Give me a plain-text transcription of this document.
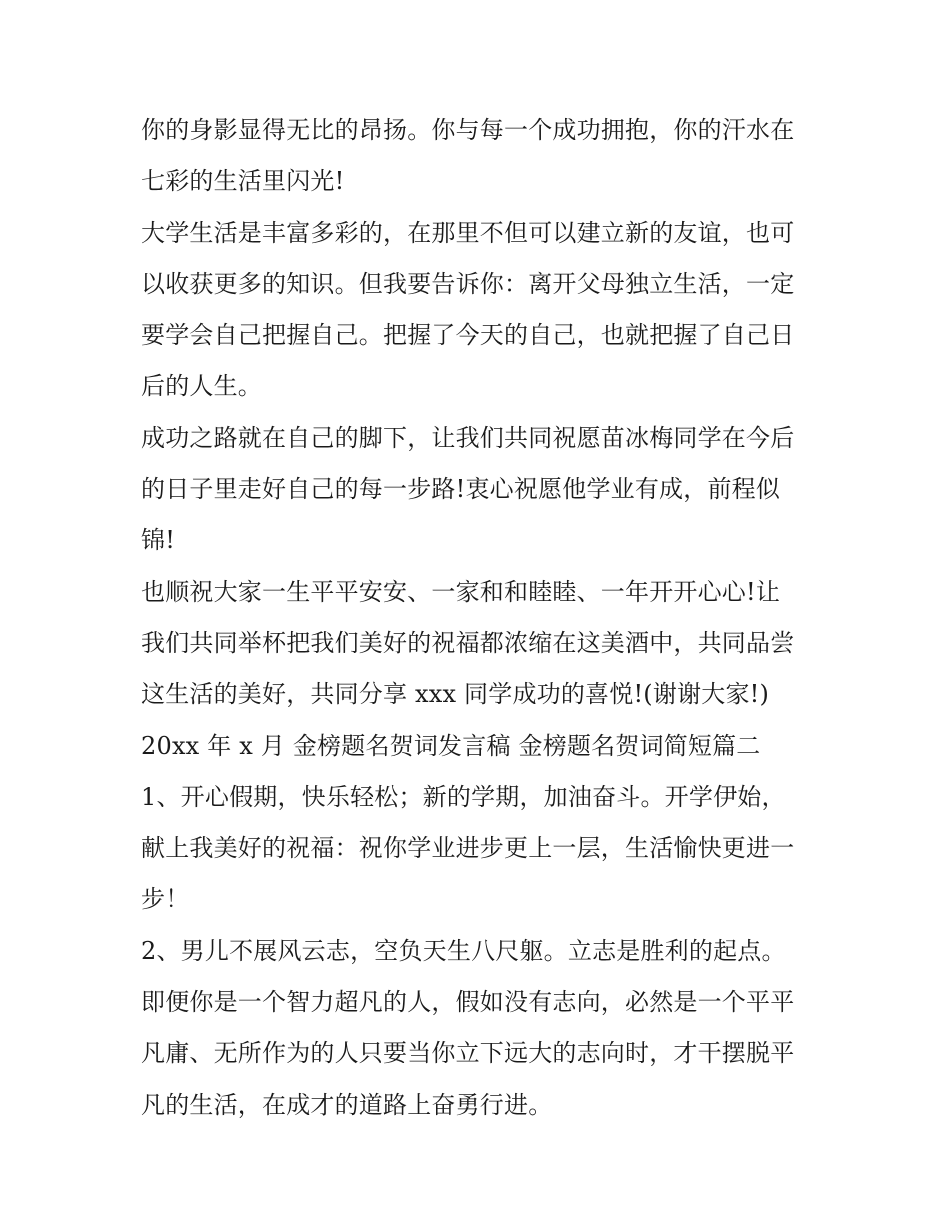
你的身影显得无比的昂扬。你与每一个成功拥抱，你的汗水在
七彩的生活里闪光!
大学生活是丰富多彩的，在那里不但可以建立新的友谊，也可
以收获更多的知识。但我要告诉你：离开父母独立生活，一定
要学会自己把握自己。把握了今天的自己，也就把握了自己日
后的人生。
成功之路就在自己的脚下，让我们共同祝愿苗冰梅同学在今后
的日子里走好自己的每一步路!衷心祝愿他学业有成，前程似
锦!
也顺祝大家一生平平安安、一家和和睦睦、一年开开心心!让
我们共同举杯把我们美好的祝福都浓缩在这美酒中，共同品尝
这生活的美好，共同分享 xxx 同学成功的喜悦!(谢谢大家!)
20xx 年 x 月 金榜题名贺词发言稿 金榜题名贺词简短篇二
1、开心假期，快乐轻松；新的学期，加油奋斗。开学伊始，
献上我美好的祝福：祝你学业进步更上一层，生活愉快更进一
步！
2、男儿不展风云志，空负天生八尺躯。立志是胜利的起点。
即便你是一个智力超凡的人，假如没有志向，必然是一个平平
凡庸、无所作为的人只要当你立下远大的志向时，才干摆脱平
凡的生活，在成才的道路上奋勇行进。
